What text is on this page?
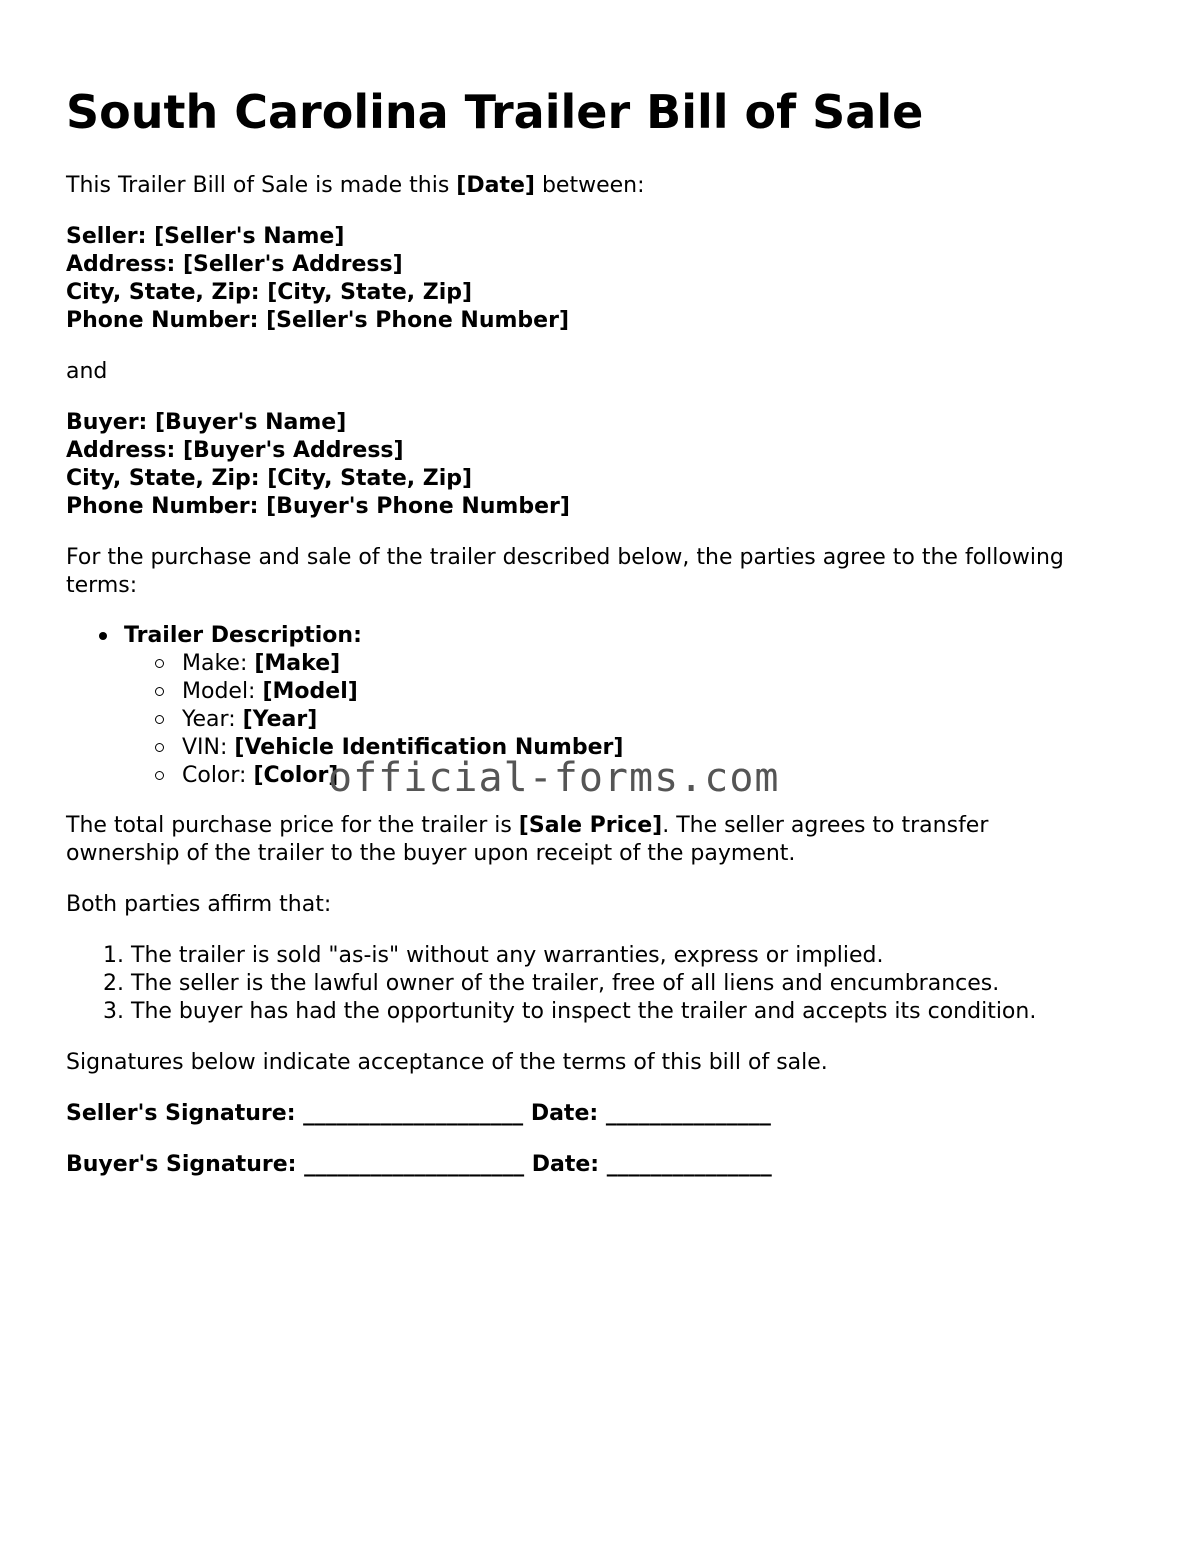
South Carolina Trailer Bill of Sale

This Trailer Bill of Sale is made this [Date] between:

Seller: [Seller's Name]
Address: [Seller's Address]
City, State, Zip: [City, State, Zip]
Phone Number: [Seller's Phone Number]

and

Buyer: [Buyer's Name]
Address: [Buyer's Address]
City, State, Zip: [City, State, Zip]
Phone Number: [Buyer's Phone Number]

For the purchase and sale of the trailer described below, the parties agree to the following terms:

Trailer Description:
Make: [Make]
Model: [Model]
Year: [Year]
VIN: [Vehicle Identification Number]
Color: [Color]

The total purchase price for the trailer is [Sale Price]. The seller agrees to transfer ownership of the trailer to the buyer upon receipt of the payment.

Both parties affirm that:

1. The trailer is sold "as-is" without any warranties, express or implied.
2. The seller is the lawful owner of the trailer, free of all liens and encumbrances.
3. The buyer has had the opportunity to inspect the trailer and accepts its condition.

Signatures below indicate acceptance of the terms of this bill of sale.

Seller's Signature: ____________________ Date: _______________
Buyer's Signature: ____________________ Date: _______________
official-forms.com
